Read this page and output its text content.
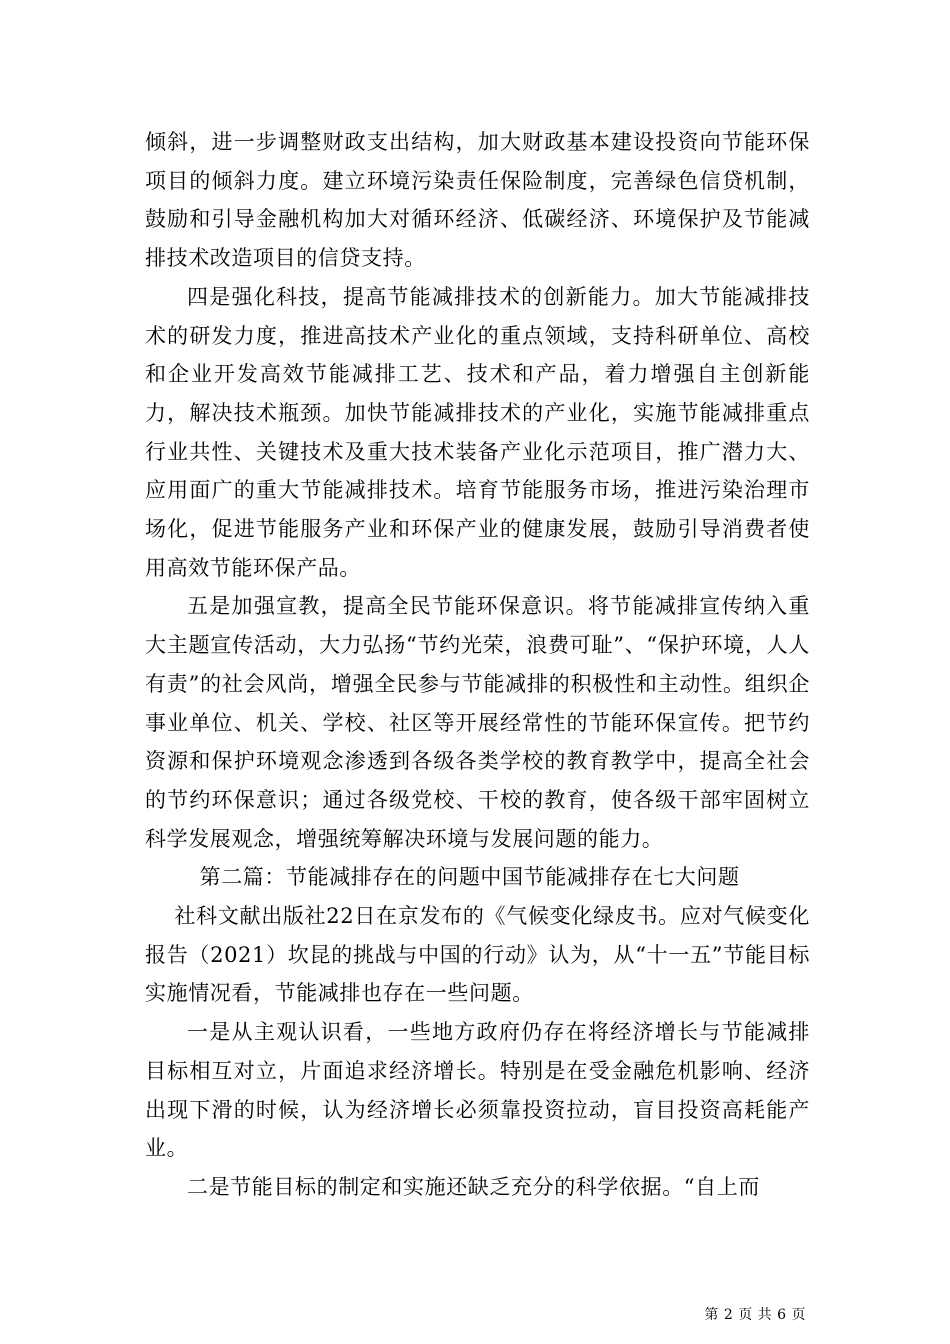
倾斜，进一步调整财政支出结构，加大财政基本建设投资向节能环保项目的倾斜力度。建立环境污染责任保险制度，完善绿色信贷机制，鼓励和引导金融机构加大对循环经济、低碳经济、环境保护及节能减排技术改造项目的信贷支持。

四是强化科技，提高节能减排技术的创新能力。加大节能减排技术的研发力度，推进高技术产业化的重点领域，支持科研单位、高校和企业开发高效节能减排工艺、技术和产品，着力增强自主创新能力，解决技术瓶颈。加快节能减排技术的产业化，实施节能减排重点行业共性、关键技术及重大技术装备产业化示范项目，推广潜力大、应用面广的重大节能减排技术。培育节能服务市场，推进污染治理市场化，促进节能服务产业和环保产业的健康发展，鼓励引导消费者使用高效节能环保产品。

五是加强宣教，提高全民节能环保意识。将节能减排宣传纳入重大主题宣传活动，大力弘扬“节约光荣，浪费可耻”、“保护环境，人人有责”的社会风尚，增强全民参与节能减排的积极性和主动性。组织企事业单位、机关、学校、社区等开展经常性的节能环保宣传。把节约资源和保护环境观念渗透到各级各类学校的教育教学中，提高全社会的节约环保意识；通过各级党校、干校的教育，使各级干部牢固树立科学发展观念，增强统筹解决环境与发展问题的能力。

第二篇：节能减排存在的问题中国节能减排存在七大问题

社科文献出版社22日在京发布的《气候变化绿皮书。应对气候变化报告（2021）坎昆的挑战与中国的行动》认为，从“十一五”节能目标实施情况看，节能减排也存在一些问题。

一是从主观认识看，一些地方政府仍存在将经济增长与节能减排目标相互对立，片面追求经济增长。特别是在受金融危机影响、经济出现下滑的时候，认为经济增长必须靠投资拉动，盲目投资高耗能产业。

二是节能目标的制定和实施还缺乏充分的科学依据。“自上而

第 2 页 共 6 页
